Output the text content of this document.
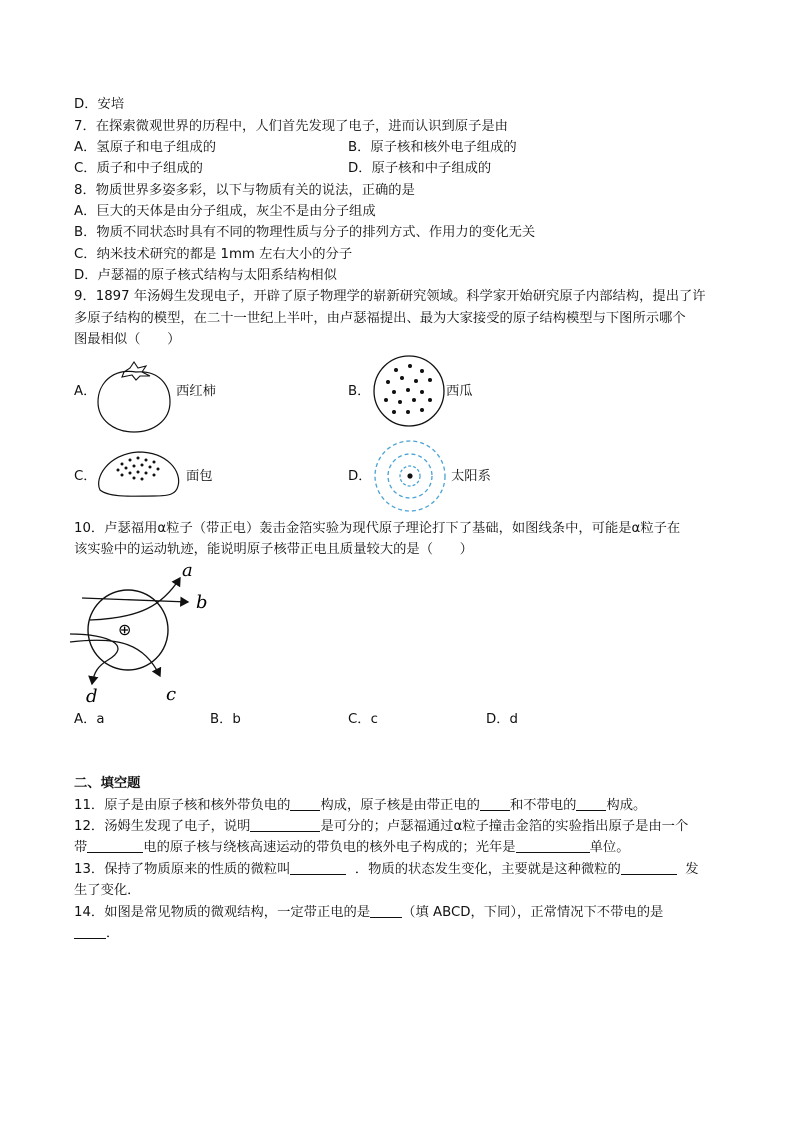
D．安培
7．在探索微观世界的历程中，人们首先发现了电子，进而认识到原子是由
A．氢原子和电子组成的	B．原子核和核外电子组成的
C．质子和中子组成的	D．原子核和中子组成的
8．物质世界多姿多彩，以下与物质有关的说法，正确的是
A．巨大的天体是由分子组成，灰尘不是由分子组成
B．物质不同状态时具有不同的物理性质与分子的排列方式、作用力的变化无关
C．纳米技术研究的都是 1mm 左右大小的分子
D．卢瑟福的原子核式结构与太阳系结构相似
9．1897 年汤姆生发现电子，开辟了原子物理学的崭新研究领域。科学家开始研究原子内部结构，提出了许
多原子结构的模型，在二十一世纪上半叶，由卢瑟福提出、最为大家接受的原子结构模型与下图所示哪个
图最相似（　　）
A．	西红柿	B．	西瓜
C．	面包	D．	太阳系
10．卢瑟福用α粒子（带正电）轰击金箔实验为现代原子理论打下了基础，如图线条中，可能是α粒子在
该实验中的运动轨迹，能说明原子核带正电且质量较大的是（　　）
⊕
a
b
c
d
A．a	B．b	C．c	D．d
二、填空题
11．原子是由原子核和核外带负电的 构成，原子核是由带正电的 和不带电的 构成。
12．汤姆生发现了电子，说明	是可分的；卢瑟福通过α粒子撞击金箔的实验指出原子是由一个
带	电的原子核与绕核高速运动的带负电的核外电子构成的；光年是	单位。
13．保持了物质原来的性质的微粒叫	．物质的状态发生变化，主要就是这种微粒的	发
生了变化．
14．如图是常见物质的微观结构，一定带正电的是 （填 ABCD，下同），正常情况下不带电的是
．
